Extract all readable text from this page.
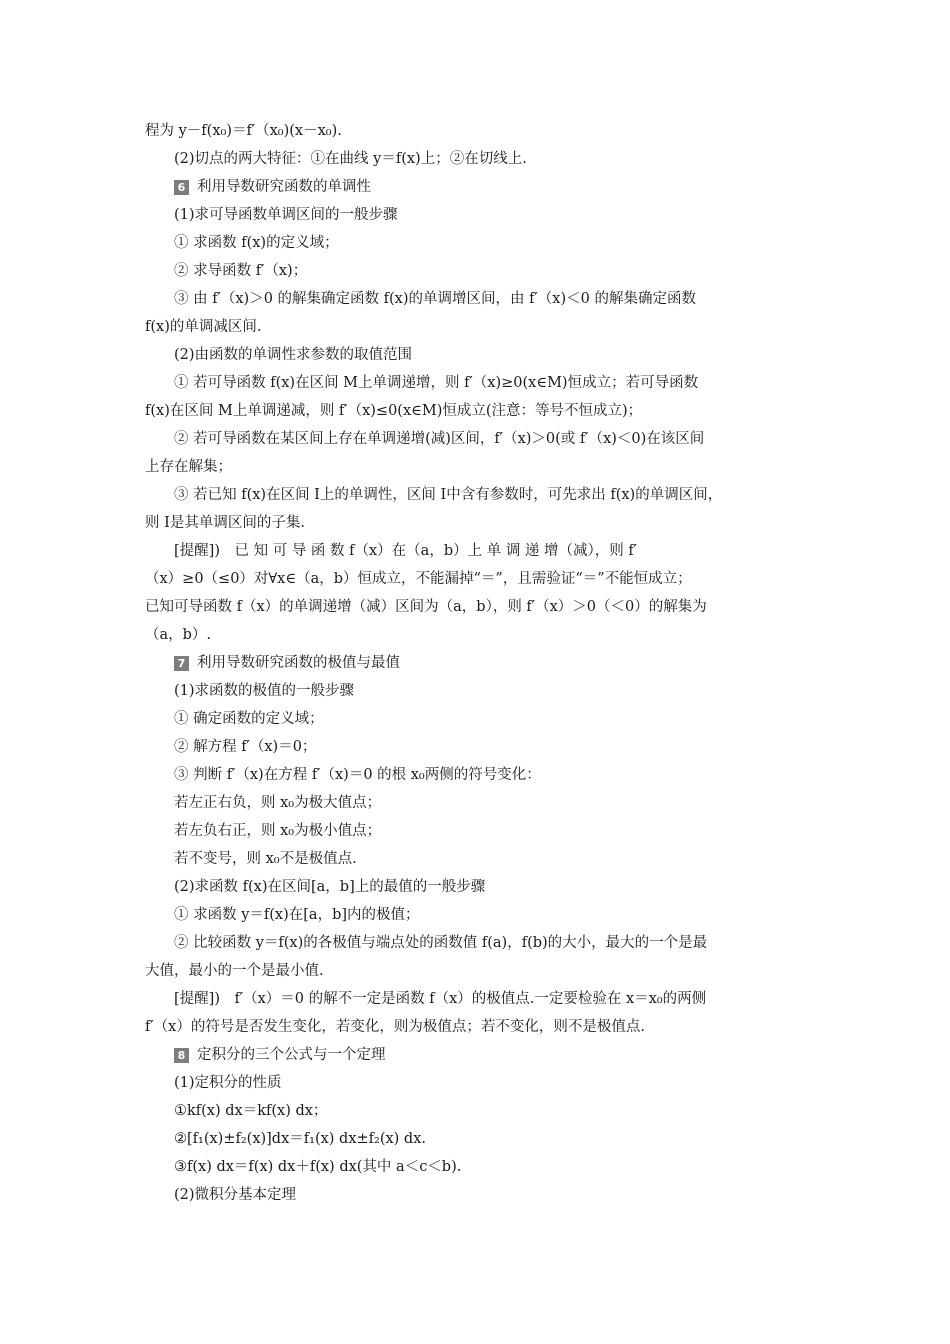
程为 y－f(x₀)＝f′（x₀)(x－x₀).
(2)切点的两大特征：①在曲线 y＝f(x)上；②在切线上.
6 利用导数研究函数的单调性
(1)求可导函数单调区间的一般步骤
① 求函数 f(x)的定义域；
② 求导函数 f′（x)；
③ 由 f′（x)＞0 的解集确定函数 f(x)的单调增区间，由 f′（x)＜0 的解集确定函数
f(x)的单调减区间.
(2)由函数的单调性求参数的取值范围
① 若可导函数 f(x)在区间 M上单调递增，则 f′（x)≥0(x∈M)恒成立；若可导函数
f(x)在区间 M上单调递减，则 f′（x)≤0(x∈M)恒成立(注意：等号不恒成立)；
② 若可导函数在某区间上存在单调递增(减)区间，f′（x)＞0(或 f′（x)＜0)在该区间
上存在解集；
③ 若已知 f(x)在区间 I上的单调性，区间 I中含有参数时，可先求出 f(x)的单调区间，
则 I是其单调区间的子集.
[提醒])　已 知 可 导 函 数 f（x）在（a，b）上 单 调 递 增（减），则 f′
（x）≥0（≤0）对∀x∈（a，b）恒成立，不能漏掉“＝”，且需验证“＝”不能恒成立；
已知可导函数 f（x）的单调递增（减）区间为（a，b），则 f′（x）＞0（＜0）的解集为
（a，b）.
7 利用导数研究函数的极值与最值
(1)求函数的极值的一般步骤
① 确定函数的定义域；
② 解方程 f′（x)＝0；
③ 判断 f′（x)在方程 f′（x)＝0 的根 x₀两侧的符号变化：
若左正右负，则 x₀为极大值点；
若左负右正，则 x₀为极小值点；
若不变号，则 x₀不是极值点.
(2)求函数 f(x)在区间[a，b]上的最值的一般步骤
① 求函数 y＝f(x)在[a，b]内的极值；
② 比较函数 y＝f(x)的各极值与端点处的函数值 f(a)，f(b)的大小，最大的一个是最
大值，最小的一个是最小值.
[提醒])　f′（x）＝0 的解不一定是函数 f（x）的极值点.一定要检验在 x＝x₀的两侧
f′（x）的符号是否发生变化，若变化，则为极值点；若不变化，则不是极值点.
8 定积分的三个公式与一个定理
(1)定积分的性质
①kf(x) dx＝kf(x) dx；
②[f₁(x)±f₂(x)]dx＝f₁(x) dx±f₂(x) dx.
③f(x) dx＝f(x) dx＋f(x) dx(其中 a＜c＜b).
(2)微积分基本定理
